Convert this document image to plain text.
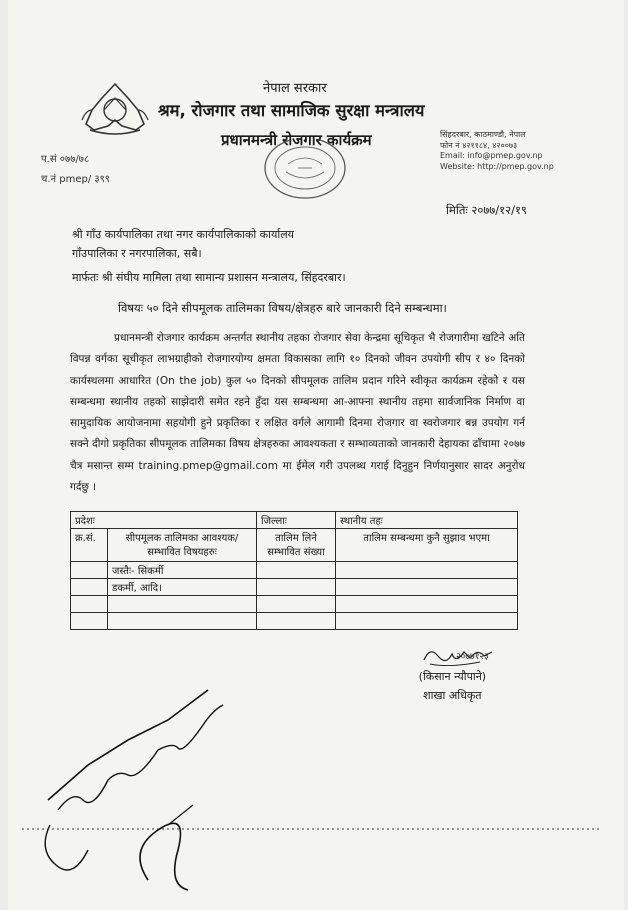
नेपाल सरकार
श्रम, रोजगार तथा सामाजिक सुरक्षा मन्त्रालय
प्रधानमन्त्री रोजगार कार्यक्रम	सिंहदरबार, काठमाण्डौ, नेपाल
फोन नं ४२११८४, ४२००७३
Email: info@pmep.gov.np
Website: http://pmep.gov.np
प.सं ०७७/७८
च.नं pmep/ ३९९
मितिः २०७७/१२/१९
श्री गाँउ कार्यपालिका तथा नगर कार्यपालिकाको कार्यालय
गाँउपालिका र नगरपालिका, सबै।
मार्फतः श्री संघीय मामिला तथा सामान्य प्रशासन मन्त्रालय, सिंहदरबार।
विषयः ५० दिने सीपमूलक तालिमका विषय/क्षेत्रहरु बारे जानकारी दिने सम्बन्धमा।

प्रधानमन्त्री रोजगार कार्यक्रम अन्तर्गत स्थानीय तहका रोजगार सेवा केन्द्रमा सूचिकृत भै रोजगारीमा खटिने अति विपन्न वर्गका सूचीकृत लाभग्राहीको रोजगारयोग्य क्षमता विकासका लागि १० दिनको जीवन उपयोगी सीप र ४० दिनको कार्यस्थलमा आधारित (On the job) कुल ५० दिनको सीपमूलक तालिम प्रदान गरिने स्वीकृत कार्यक्रम रहेकोे र यस सम्बन्धमा स्थानीय तहको साझेदारी समेत रहने हुँदा यस सम्बन्धमा आ-आफ्ना स्थानीय तहमा सार्वजानिक निर्माण वा सामुदायिक आयोजनामा सहयोगी हुने प्रकृतिका र लक्षित वर्गले आगामी दिनमा रोजगार वा स्वरोजगार बन्न उपयोग गर्न सक्ने दीगो प्रकृतिका सीपमूलक तालिमका विषय क्षेत्रहरुका आवश्यकता र सम्भाव्यताको जानकारी देहायका ढाँचामा २०७७ चैत्र मसान्त सम्म training.pmep@gmail.com मा ईमेल गरी उपलब्ध गराई दिनुहुन निर्णयानुसार सादर अनुरोध गर्दछु ।

प्रदेशः		जिल्लाः	स्थानीय तहः
क्र.सं.	सीपमूलक तालिमका आवश्यक/सम्भावित विषयहरुः	तालिम लिने सम्भावित संख्या	तालिम सम्बन्धमा कुनै सुझाव भएमा
	जस्तैः- सिकर्मी		
	डकर्मी, आदि।		

२०७७१२३
(किसान न्यौपाने)
शाखा अधिकृत
